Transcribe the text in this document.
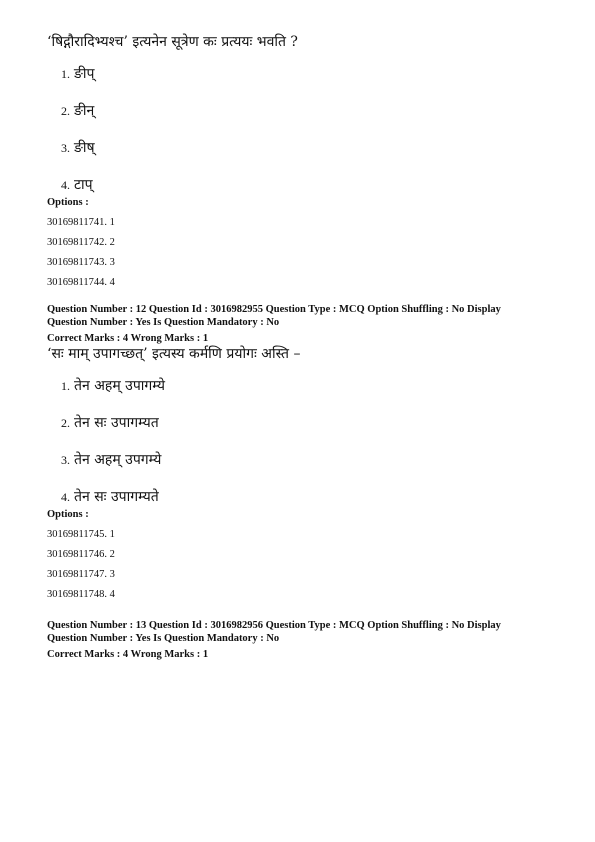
‘षिद्गौरादिभ्यश्च’ इत्यनेन सूत्रेण कः प्रत्ययः भवति ?
1. ङीप्
2. ङीन्
3. ङीष्
4. टाप्
Options :
30169811741. 1
30169811742. 2
30169811743. 3
30169811744. 4
Question Number : 12 Question Id : 3016982955 Question Type : MCQ Option Shuffling : No Display
Question Number : Yes Is Question Mandatory : No
Correct Marks : 4 Wrong Marks : 1
‘सः माम् उपागच्छत्’ इत्यस्य कर्मणि प्रयोगः अस्ति –
1. तेन अहम् उपागम्ये
2. तेन सः उपागम्यत
3. तेन अहम् उपगम्ये
4. तेन सः उपागम्यते
Options :
30169811745. 1
30169811746. 2
30169811747. 3
30169811748. 4
Question Number : 13 Question Id : 3016982956 Question Type : MCQ Option Shuffling : No Display
Question Number : Yes Is Question Mandatory : No
Correct Marks : 4 Wrong Marks : 1
